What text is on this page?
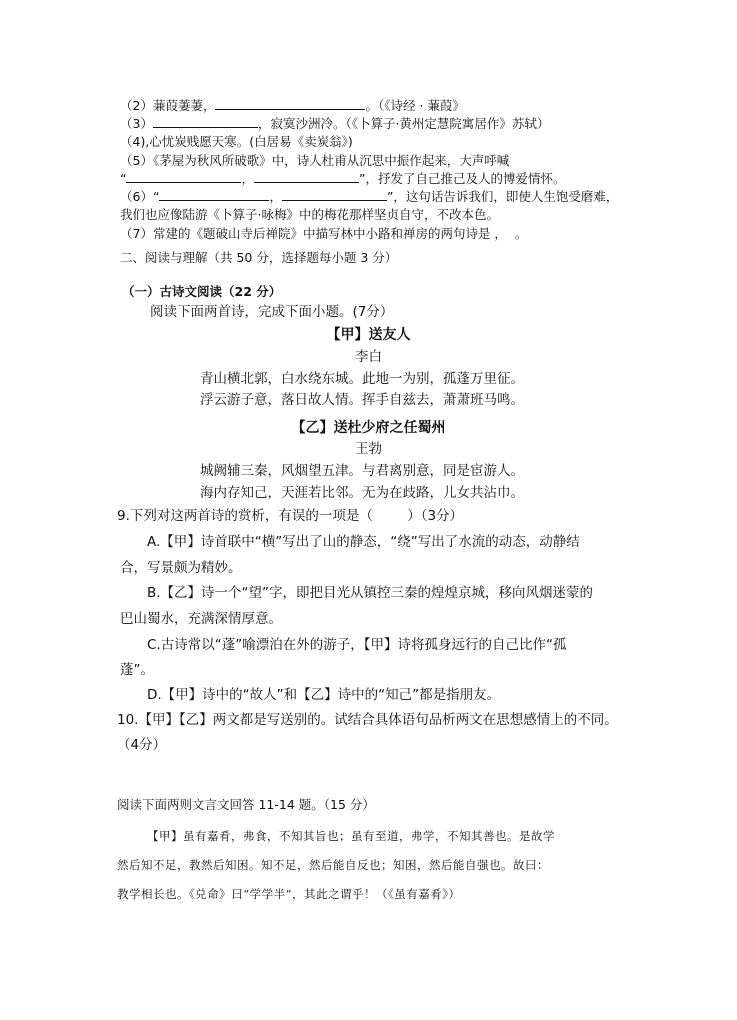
（2）蒹葭萋萋，	。（《诗经 · 蒹葭》
（3）	，寂寞沙洲冷。（《卜算子·黄州定慧院寓居作》苏轼）
（4),心忧炭贱愿天寒。(白居易《卖炭翁》)
（5）《茅屋为秋风所破歌》中，诗人杜甫从沉思中振作起来，大声呼喊
“	，	”，抒发了自己推己及人的博爱情怀。
（6）“	，	”，这句话告诉我们，即使人生饱受磨难，
我们也应像陆游《卜算子·咏梅》中的梅花那样坚贞自守，不改本色。
（7）常建的《题破山寺后禅院》中描写林中小路和禅房的两句诗是 ，  。
二、阅读与理解（共 50 分，选择题每小题 3 分）
（一）古诗文阅读（22 分）
阅读下面两首诗，完成下面小题。(7分）
【甲】送友人
李白
青山横北郭，白水绕东城。此地一为别，孤蓬万里征。
浮云游子意，落日故人情。挥手自兹去，萧萧班马鸣。
【乙】送杜少府之任蜀州
王勃
城阙辅三秦，风烟望五津。与君离别意，同是宦游人。
海内存知己，天涯若比邻。无为在歧路，儿女共沾巾。
9.下列对这两首诗的赏析，有误的一项是（        ）（3分）
A.【甲】诗首联中“横”写出了山的静态，“绕”写出了水流的动态，动静结
合，写景颇为精妙。
B.【乙】诗一个“望”字，即把目光从镇控三秦的煌煌京城，移向风烟迷蒙的
巴山蜀水，充满深情厚意。
C.古诗常以“蓬”喻漂泊在外的游子，【甲】诗将孤身远行的自己比作“孤
蓬”。
D.【甲】诗中的“故人”和【乙】诗中的“知己”都是指朋友。
10.【甲】【乙】两文都是写送别的。试结合具体语句品析两文在思想感情上的不同。
（4分）
阅读下面两则文言文回答 11-14 题。（15 分）
【甲】虽有嘉肴，弗食，不知其旨也；虽有至道，弗学，不知其善也。是故学
然后知不足，教然后知困。知不足，然后能自反也；知困，然后能自强也。故曰：
教学相长也。《兑命》曰“学学半”，其此之谓乎！（《虽有嘉肴》）
